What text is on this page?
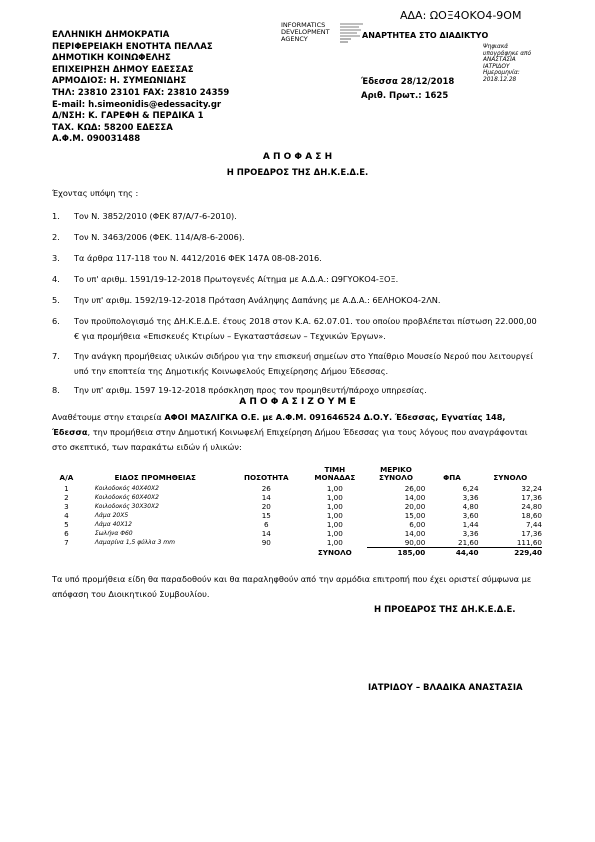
ΑΔΑ: ΩΟΞ4ΟΚΟ4-9ΟΜ
INFORMATICS
DEVELOPMENT
AGENCY	ΑΝΑΡΤΗΤΕΑ ΣΤΟ ΔΙΑΔΙΚΤΥΟ
Ψηφιακά
υπογράφηκε από
ΑΝΑΣΤΑΣΙΑ
ΙΑΤΡΙΔΟΥ
Ημερομηνία:
2018.12.28
ΕΛΛΗΝΙΚΗ ΔΗΜΟΚΡΑΤΙΑ
ΠΕΡΙΦΕΡΕΙΑΚΗ ΕΝΟΤΗΤΑ ΠΕΛΛΑΣ
ΔΗΜΟΤΙΚΗ ΚΟΙΝΩΦΕΛΗΣ
ΕΠΙΧΕΙΡΗΣΗ ΔΗΜΟΥ ΕΔΕΣΣΑΣ
ΑΡΜΟΔΙΟΣ: Η. ΣΥΜΕΩΝΙΔΗΣ
ΤΗΛ: 23810 23101 FAX: 23810 24359
E-mail: h.simeonidis@edessacity.gr
Δ/ΝΣΗ: Κ. ΓΑΡΕΦΗ & ΠΕΡΔΙΚΑ 1
ΤΑΧ. ΚΩΔ: 58200 ΕΔΕΣΣΑ
Α.Φ.Μ. 090031488
Έδεσσα 28/12/2018
Αριθ. Πρωτ.: 1625
Α Π Ο Φ Α Σ Η
Η ΠΡΟΕΔΡΟΣ ΤΗΣ ΔΗ.Κ.Ε.Δ.Ε.
Έχοντας υπόψη της :
1. Τον Ν. 3852/2010 (ΦΕΚ 87/Α/7-6-2010).
2. Τον Ν. 3463/2006 (ΦΕΚ. 114/Α/8-6-2006).
3. Τα άρθρα 117-118 του Ν. 4412/2016 ΦΕΚ 147Α 08-08-2016.
4. Το υπ' αριθμ. 1591/19-12-2018 Πρωτογενές Αίτημα με Α.Δ.Α.: Ω9ΓΥΟΚΟ4-ΞΟΞ.
5. Την υπ' αριθμ. 1592/19-12-2018 Πρόταση Ανάληψης Δαπάνης με Α.Δ.Α.: 6ΕΛΗΟΚΟ4-2ΛΝ.
6. Τον προϋπολογισμό της ΔΗ.Κ.Ε.Δ.Ε. έτους 2018 στον Κ.Α. 62.07.01. του οποίου προβλέπεται πίστωση 22.000,00 € για προμήθεια «Επισκευές Κτιρίων – Εγκαταστάσεων – Τεχνικών Έργων».
7. Την ανάγκη προμήθειας υλικών σιδήρου για την επισκευή σημείων στο Υπαίθριο Μουσείο Νερού που λειτουργεί υπό την εποπτεία της Δημοτικής Κοινωφελούς Επιχείρησης Δήμου Έδεσσας.
8. Την υπ' αριθμ. 1597 19-12-2018 πρόσκληση προς τον προμηθευτή/πάροχο υπηρεσίας.
Α Π Ο Φ Α Σ Ι Ζ Ο Υ Μ Ε
Αναθέτουμε στην εταιρεία ΑΦΟΙ ΜΑΣΛΙΓΚΑ Ο.Ε. με Α.Φ.Μ. 091646524 Δ.Ο.Υ. Έδεσσας, Εγνατίας 148, Έδεσσα, την προμήθεια στην Δημοτική Κοινωφελή Επιχείρηση Δήμου Έδεσσας για τους λόγους που αναγράφονται στο σκεπτικό, των παρακάτω ειδών ή υλικών:
Α/Α	ΕΙΔΟΣ ΠΡΟΜΗΘΕΙΑΣ	ΠΟΣΟΤΗΤΑ	ΤΙΜΗ
ΜΟΝΑΔΑΣ	ΜΕΡΙΚΟ
ΣΥΝΟΛΟ	ΦΠΑ	ΣΥΝΟΛΟ
1	Κοιλοδοκός 40Χ40Χ2	26	1,00	26,00	6,24	32,24
2	Κοιλοδοκός 60Χ40Χ2	14	1,00	14,00	3,36	17,36
3	Κοιλοδοκός 30Χ30Χ2	20	1,00	20,00	4,80	24,80
4	Λάμα 20Χ5	15	1,00	15,00	3,60	18,60
5	Λάμα 40Χ12	6	1,00	6,00	1,44	7,44
6	Σωλήνα Φ60	14	1,00	14,00	3,36	17,36
7	Λαμαρίνα 1,5 φύλλα 3 mm	90	1,00	90,00	21,60	111,60
			ΣΥΝΟΛΟ	185,00	44,40	229,40
Τα υπό προμήθεια είδη θα παραδοθούν και θα παραληφθούν από την αρμόδια επιτροπή που έχει οριστεί σύμφωνα με απόφαση του Διοικητικού Συμβουλίου.
Η ΠΡΟΕΔΡΟΣ ΤΗΣ ΔΗ.Κ.Ε.Δ.Ε.
ΙΑΤΡΙΔΟΥ – ΒΛΑΔΙΚΑ ΑΝΑΣΤΑΣΙΑ
